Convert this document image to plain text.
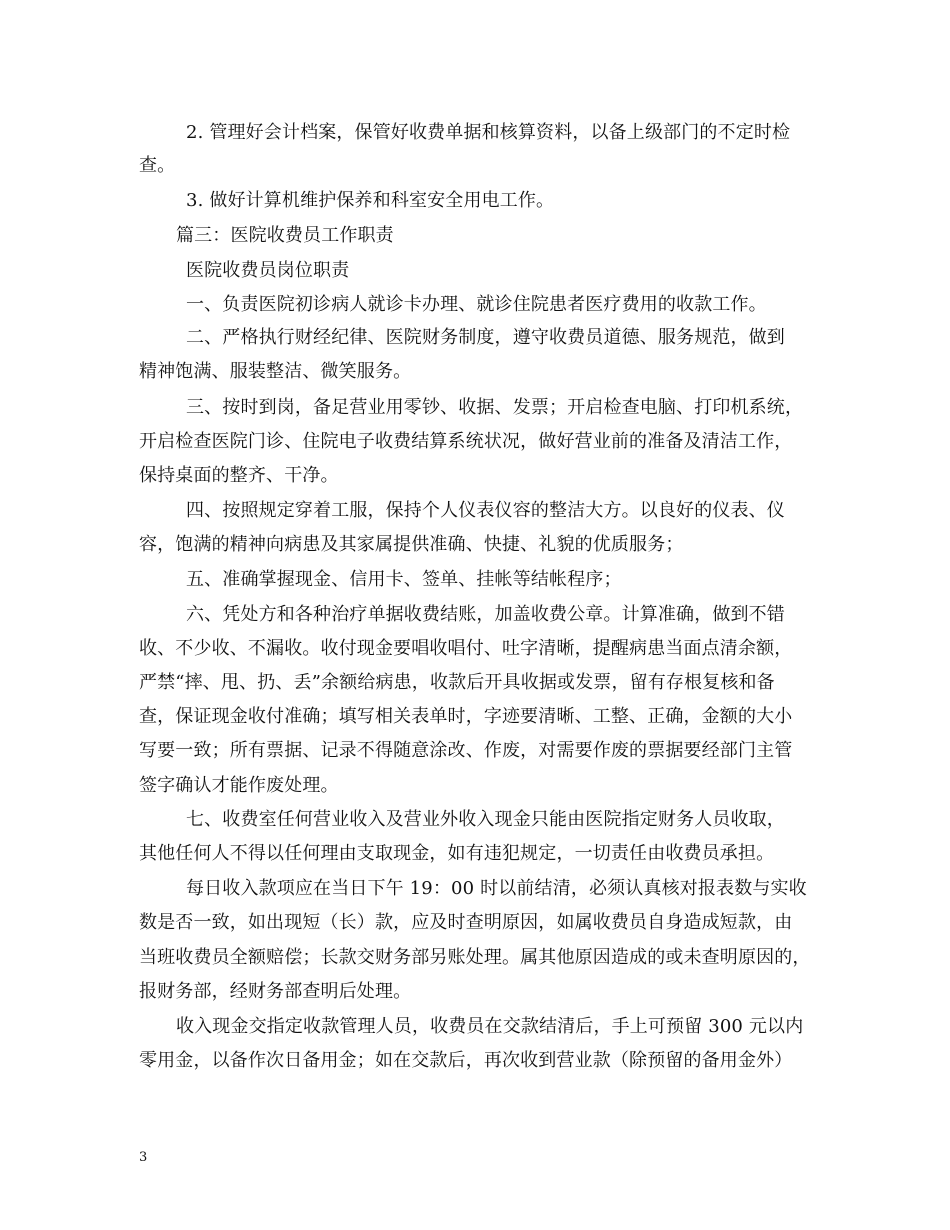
2. 管理好会计档案，保管好收费单据和核算资料，以备上级部门的不定时检
查。
3. 做好计算机维护保养和科室安全用电工作。
篇三：医院收费员工作职责
医院收费员岗位职责
一、负责医院初诊病人就诊卡办理、就诊住院患者医疗费用的收款工作。
二、严格执行财经纪律、医院财务制度，遵守收费员道德、服务规范，做到
精神饱满、服装整洁、微笑服务。
三、按时到岗，备足营业用零钞、收据、发票；开启检查电脑、打印机系统，
开启检查医院门诊、住院电子收费结算系统状况，做好营业前的准备及清洁工作，
保持桌面的整齐、干净。
四、按照规定穿着工服，保持个人仪表仪容的整洁大方。以良好的仪表、仪
容，饱满的精神向病患及其家属提供准确、快捷、礼貌的优质服务；
五、准确掌握现金、信用卡、签单、挂帐等结帐程序；
六、凭处方和各种治疗单据收费结账，加盖收费公章。计算准确，做到不错
收、不少收、不漏收。收付现金要唱收唱付、吐字清晰，提醒病患当面点清余额，
严禁“摔、甩、扔、丢”余额给病患，收款后开具收据或发票，留有存根复核和备
查，保证现金收付准确；填写相关表单时，字迹要清晰、工整、正确，金额的大小
写要一致；所有票据、记录不得随意涂改、作废，对需要作废的票据要经部门主管
签字确认才能作废处理。
七、收费室任何营业收入及营业外收入现金只能由医院指定财务人员收取，
其他任何人不得以任何理由支取现金，如有违犯规定，一切责任由收费员承担。
每日收入款项应在当日下午 19：00 时以前结清，必须认真核对报表数与实收
数是否一致，如出现短（长）款，应及时查明原因，如属收费员自身造成短款，由
当班收费员全额赔偿；长款交财务部另账处理。属其他原因造成的或未查明原因的，
报财务部，经财务部查明后处理。
收入现金交指定收款管理人员，收费员在交款结清后，手上可预留 300 元以内
零用金，以备作次日备用金；如在交款后，再次收到营业款（除预留的备用金外）
3
